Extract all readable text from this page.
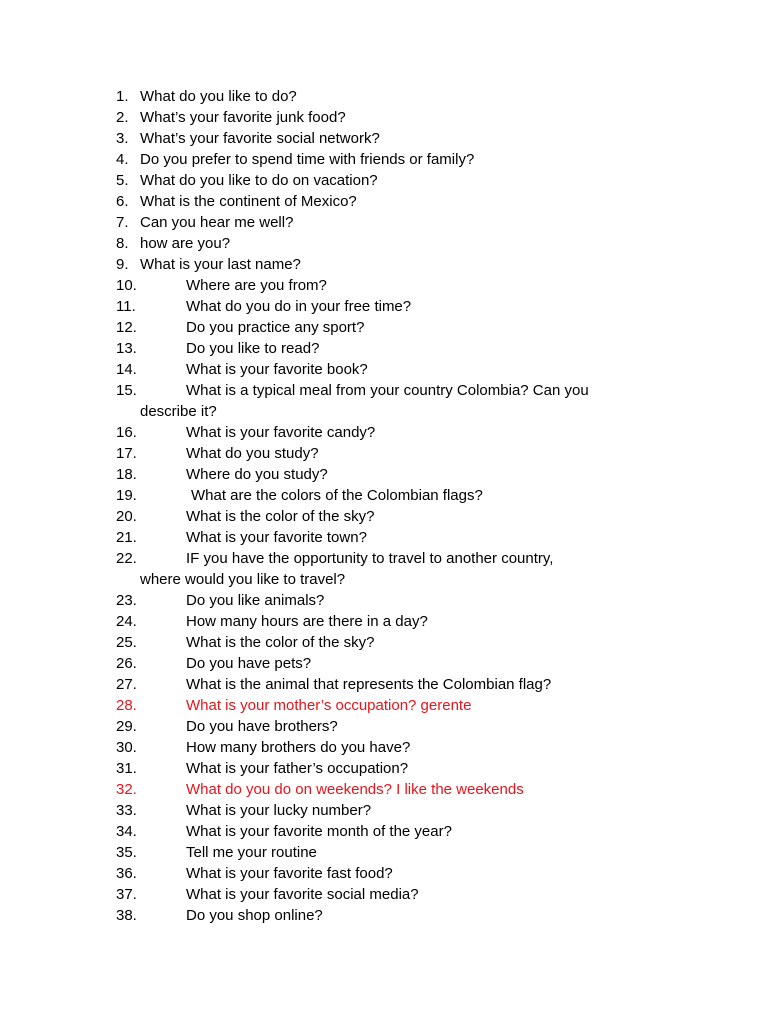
1. What do you like to do?
2. What’s your favorite junk food?
3. What’s your favorite social network?
4. Do you prefer to spend time with friends or family?
5. What do you like to do on vacation?
6. What is the continent of Mexico?
7. Can you hear me well?
8. how are you?
9. What is your last name?
10.	Where are you from?
11.	What do you do in your free time?
12.	Do you practice any sport?
13.	Do you like to read?
14.	What is your favorite book?
15.	What is a typical meal from your country Colombia? Can you
describe it?
16.	What is your favorite candy?
17.	What do you study?
18.	Where do you study?
19.	What are the colors of the Colombian flags?
20.	What is the color of the sky?
21.	What is your favorite town?
22.	IF you have the opportunity to travel to another country,
where would you like to travel?
23.	Do you like animals?
24.	How many hours are there in a day?
25.	What is the color of the sky?
26.	Do you have pets?
27.	What is the animal that represents the Colombian flag?
28.	What is your mother’s occupation? gerente
29.	Do you have brothers?
30.	How many brothers do you have?
31.	What is your father’s occupation?
32.	What do you do on weekends? I like the weekends
33.	What is your lucky number?
34.	What is your favorite month of the year?
35.	Tell me your routine
36.	What is your favorite fast food?
37.	What is your favorite social media?
38.	Do you shop online?
